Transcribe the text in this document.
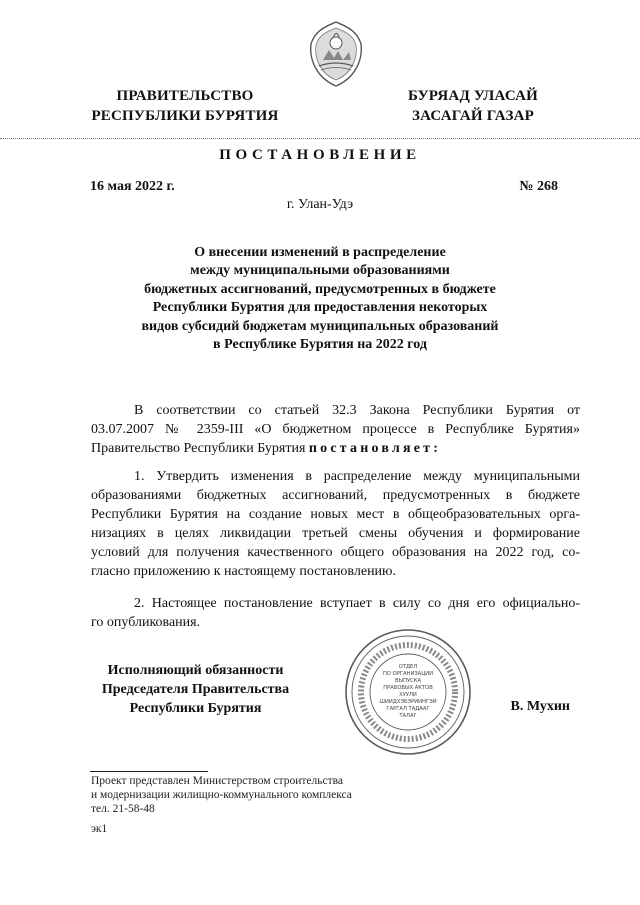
ПРАВИТЕЛЬСТВО
РЕСПУБЛИКИ БУРЯТИЯ
БУРЯАД УЛАСАЙ
ЗАСАГАЙ ГАЗАР
ПОСТАНОВЛЕНИЕ
16 мая 2022 г.	№ 268
г. Улан-Удэ
О внесении изменений в распределение
между муниципальными образованиями
бюджетных ассигнований, предусмотренных в бюджете
Республики Бурятия для предоставления некоторых
видов субсидий бюджетам муниципальных образований
в Республике Бурятия на 2022 год
В соответствии со статьей 32.3 Закона Республики Бурятия от
03.07.2007 № 2359-III «О бюджетном процессе в Республике Бурятия»
Правительство Республики Бурятия постановляет:
1. Утвердить изменения в распределение между муниципальными
образованиями бюджетных ассигнований, предусмотренных в бюджете
Республики Бурятия на создание новых мест в общеобразовательных орга-
низациях в целях ликвидации третьей смены обучения и формирование
условий для получения качественного общего образования на 2022 год, со-
гласно приложению к настоящему постановлению.
2. Настоящее постановление вступает в силу со дня его официально-
го опубликования.
Исполняющий обязанности
Председателя Правительства
Республики Бурятия
ОТДЕЛ
ПО ОРГАНИЗАЦИИ
ВЫПУСКА
ПРАВОВЫХ АКТОВ
ХУУЛИ
ШИИДХЭБЭРИИНГЭЙ
ГАРГАЛ ТАДААГ
ТАЛАГ
В. Мухин
Проект представлен Министерством строительства
и модернизации жилищно-коммунального комплекса
тел. 21-58-48
эк1
